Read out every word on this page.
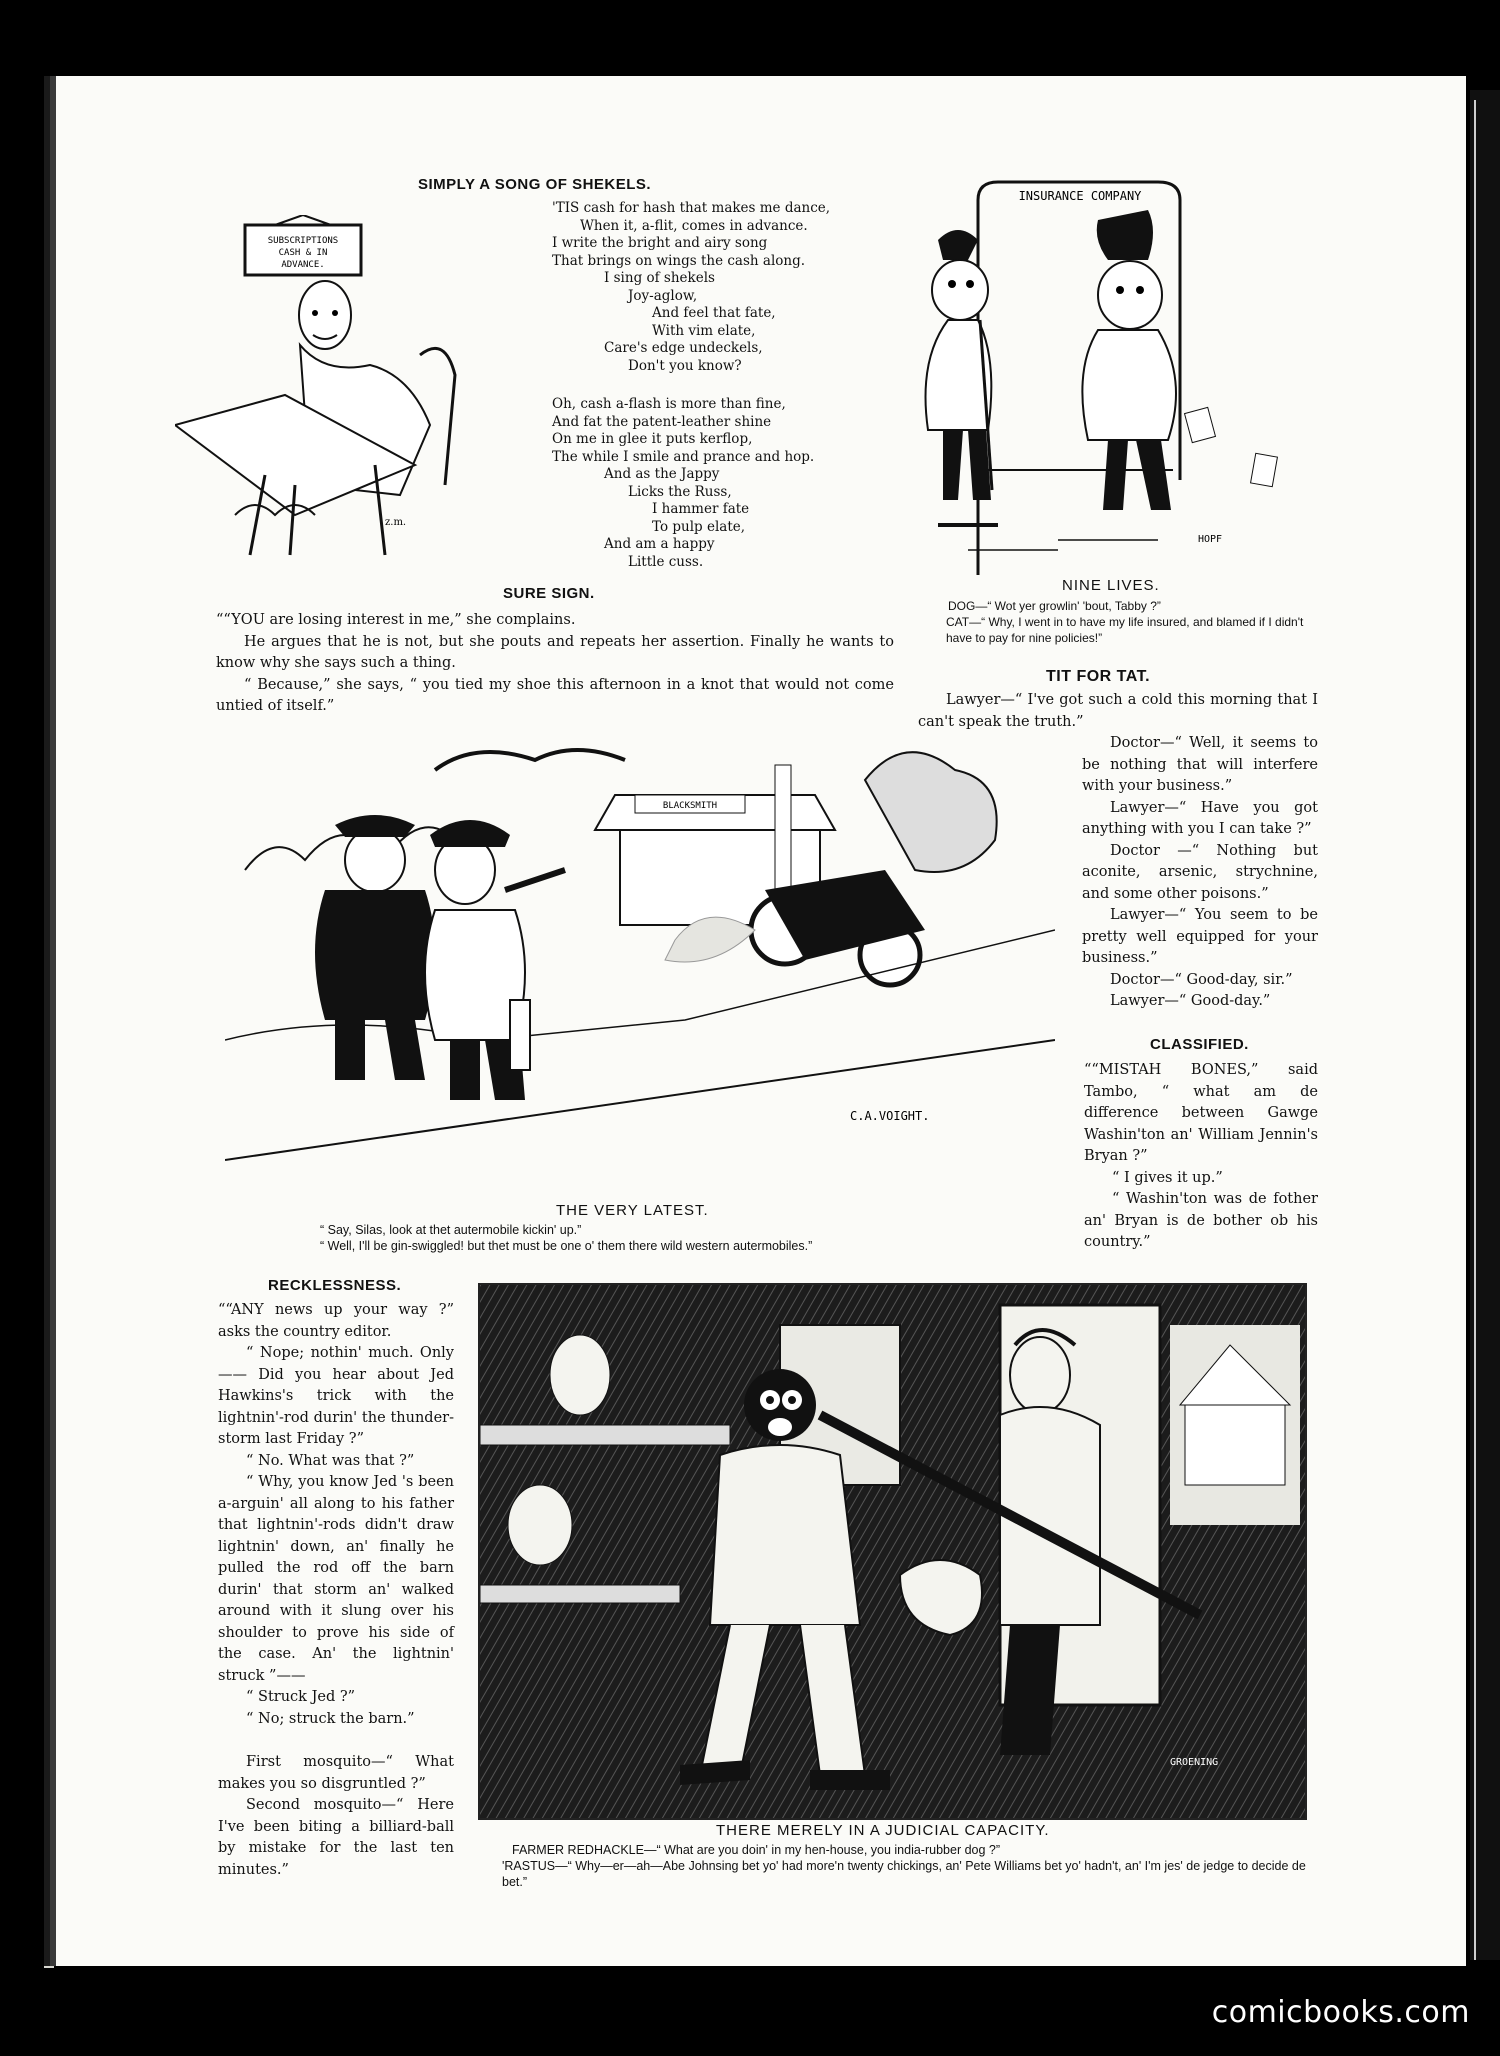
SIMPLY A SONG OF SHEKELS.
SUBSCRIPTIONS
CASH & IN
ADVANCE.
z.m.
'TIS cash for hash that makes me dance,
When it, a-flit, comes in advance.
I write the bright and airy song
That brings on wings the cash along.
I sing of shekels
Joy-aglow,
And feel that fate,
With vim elate,
Care's edge undeckels,
Don't you know?
Oh, cash a-flash is more than fine,
And fat the patent-leather shine
On me in glee it puts kerflop,
The while I smile and prance and hop.
And as the Jappy
Licks the Russ,
I hammer fate
To pulp elate,
And am a happy
Little cuss.
INSURANCE COMPANY
HOPF
NINE LIVES.
DOG—“ Wot yer growlin' 'bout, Tabby ?”
CAT—“ Why, I went in to have my life insured, and blamed if I didn't have to pay for nine policies!”
SURE SIGN.

““YOU are losing interest in me,” she complains.

He argues that he is not, but she pouts and repeats her assertion. Finally he wants to know why she says such a thing.

“ Because,” she says, “ you tied my shoe this afternoon in a knot that would not come untied of itself.”

TIT FOR TAT.

Lawyer—“ I've got such a cold this morning that I can't speak the truth.”

Doctor—“ Well, it seems to be nothing that will interfere with your business.”

Lawyer—“ Have you got anything with you I can take ?”

Doctor —“ Nothing but aconite, arsenic, strychnine, and some other poisons.”

Lawyer—“ You seem to be pretty well equipped for your business.”

Doctor—“ Good-day, sir.”

Lawyer—“ Good-day.”

BLACKSMITH
C.A.VOIGHT.
THE VERY LATEST.
“ Say, Silas, look at thet autermobile kickin' up.”
“ Well, I'll be gin-swiggled! but thet must be one o' them there wild western autermobiles.”
CLASSIFIED.

““MISTAH BONES,” said Tambo, “ what am de difference between Gawge Washin'ton an' William Jennin's Bryan ?”

“ I gives it up.”

“ Washin'ton was de fother an' Bryan is de bother ob his country.”

RECKLESSNESS.

““ANY news up your way ?” asks the country editor.

“ Nope; nothin' much. Only—— Did you hear about Jed Hawkins's trick with the lightnin'-rod durin' the thunder-storm last Friday ?”

“ No. What was that ?”

“ Why, you know Jed 's been a-arguin' all along to his father that lightnin'-rods didn't draw lightnin' down, an' finally he pulled the rod off the barn durin' that storm an' walked around with it slung over his shoulder to prove his side of the case. An' the lightnin' struck ”——

“ Struck Jed ?”

“ No; struck the barn.”

First mosquito—“ What makes you so disgruntled ?”

Second mosquito—“ Here I've been biting a billiard-ball by mistake for the last ten minutes.”

GROENING
THERE MERELY IN A JUDICIAL CAPACITY.
FARMER REDHACKLE—“ What are you doin' in my hen-house, you india-rubber dog ?”
'RASTUS—“ Why—er—ah—Abe Johnsing bet yo' had more'n twenty chickings, an' Pete Williams bet yo' hadn't, an' I'm jes' de jedge to decide de bet.”
comicbooks.com
